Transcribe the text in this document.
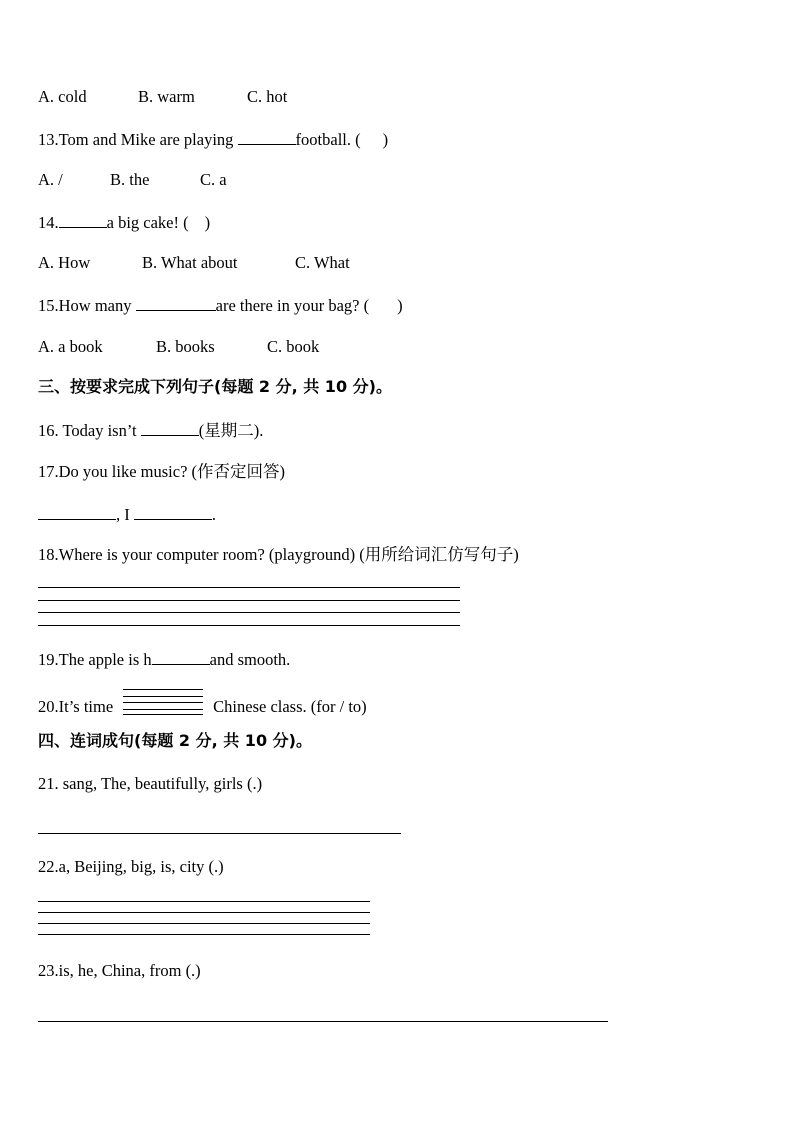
A. cold	B. warm	C. hot
13.Tom and Mike are playing	football. ( )
A. /	B. the	C. a
14.	a big cake! ( )
A. How	B. What about	C. What
15.How many	are there in your bag? ( )
A. a book	B. books	C. book
三、按要求完成下列句子(每题 2 分, 共 10 分)。
16. Today isn’t	(星期二).
17.Do you like music? (作否定回答)
, I	.
18.Where is your computer room? (playground) (用所给词汇仿写句子)
19.The apple is h	and smooth.
20.It’s time	Chinese class. (for / to)
四、连词成句(每题 2 分, 共 10 分)。
21. sang, The, beautifully, girls (.)
22.a, Beijing, big, is, city (.)
23.is, he, China, from (.)
